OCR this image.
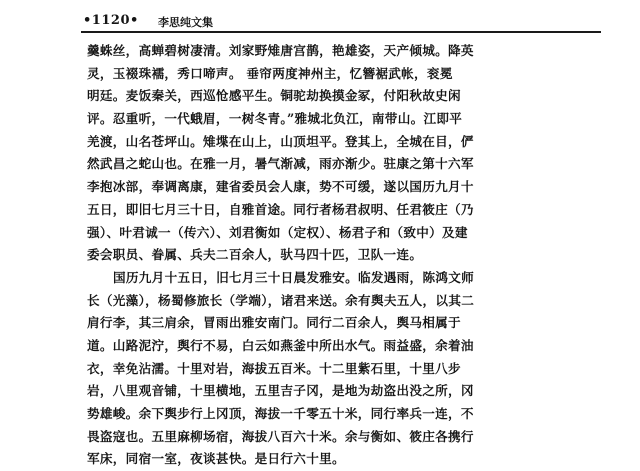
•1120• 李思纯文集
羹蛛丝，高蝉碧树凄清。刘家野雉唐宫鹊，艳雄姿，天产倾城。降英
灵，玉裰珠襦，秀口啼声。 垂帘两度神州主，忆簪裾武帐，衮冕
明廷。麦饭秦关，西巡怆感平生。铜驼劫换摸金冢，付阳秋故史闲
评。忍重听，一代蛾眉，一树冬青。”雅城北负江，南带山。江即平
羌渡，山名苍坪山。雉堞在山上，山顶坦平。登其上，全城在目，俨
然武昌之蛇山也。在雅一月，暑气渐减，雨亦渐少。驻康之第十六军
李抱冰部，奉调离康，建省委员会人康，势不可缓，遂以国历九月十
五日，即旧七月三十日，自雅首途。同行者杨君叔明、任君筱庄（乃
强）、叶君诚一（传六）、刘君衡如（定权）、杨君子和（致中）及建
委会职员、眷属、兵夫二百余人，驮马四十匹，卫队一连。
国历九月十五日，旧七月三十日晨发雅安。临发遇雨，陈鸿文师
长（光藻），杨蜀修旅长（学端），诸君来送。余有舆夫五人，以其二
肩行李，其三肩余，冒雨出雅安南门。同行二百余人，舆马相属于
道。山路泥泞，舆行不易，白云如燕釜中所出水气。雨益盛，余着油
衣，幸免沾濡。十里对岩，海拔五百米。十二里紫石里，十里八步
岩，八里观音铺，十里横地，五里吉子冈，是地为劫盗出没之所，冈
势雄峻。余下舆步行上冈顶，海拔一千零五十米，同行率兵一连，不
畏盗寇也。五里麻柳场宿，海拔八百六十米。余与衡如、筱庄各携行
军床，同宿一室，夜谈甚快。是日行六十里。
